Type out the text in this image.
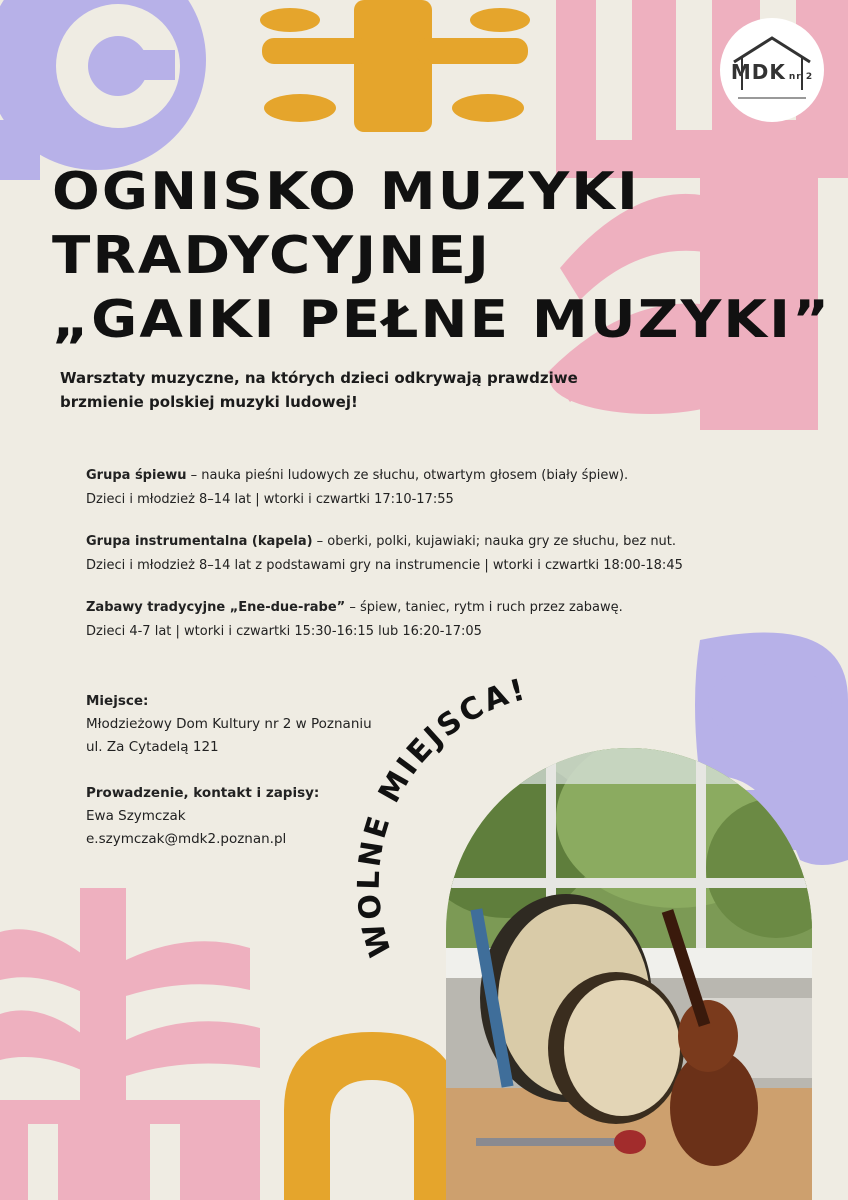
MDK nr 2
OGNISKO MUZYKI
TRADYCYJNEJ
„GAIKI PEŁNE MUZYKI”
Warsztaty muzyczne, na których dzieci odkrywają prawdziwe
brzmienie polskiej muzyki ludowej!

Grupa śpiewu – nauka pieśni ludowych ze słuchu, otwartym głosem (biały śpiew).

Dzieci i młodzież 8–14 lat | wtorki i czwartki 17:10-17:55

Grupa instrumentalna (kapela) – oberki, polki, kujawiaki; nauka gry ze słuchu, bez nut.

Dzieci i młodzież 8–14 lat z podstawami gry na instrumencie | wtorki i czwartki 18:00-18:45

Zabawy tradycyjne „Ene-due-rabe” – śpiew, taniec, rytm i ruch przez zabawę.

Dzieci 4-7 lat | wtorki i czwartki 15:30-16:15 lub 16:20-17:05

Miejsce:

Młodzieżowy Dom Kultury nr 2 w Poznaniu

ul. Za Cytadelą 121

Prowadzenie, kontakt i zapisy:

Ewa Szymczak

e.szymczak@mdk2.poznan.pl

WOLNE MIEJSCA!
